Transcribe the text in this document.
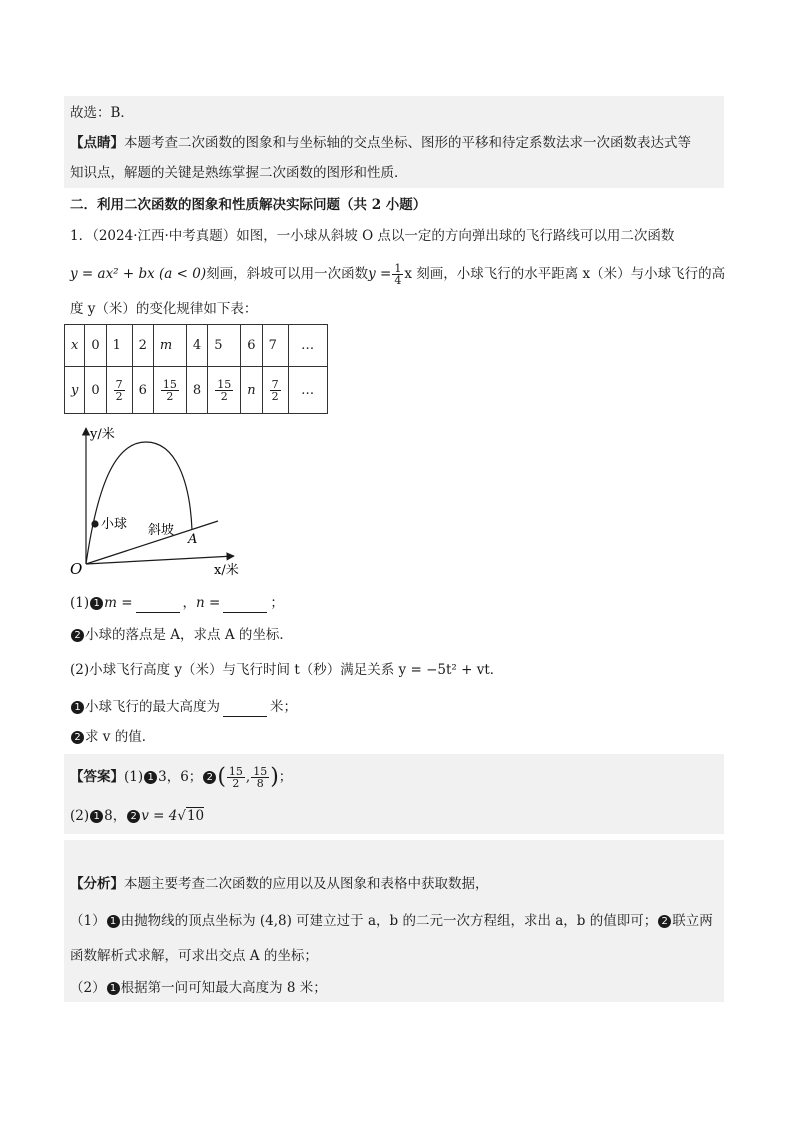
故选：B．
【点睛】本题考查二次函数的图象和与坐标轴的交点坐标、图形的平移和待定系数法求一次函数表达式等
知识点，解题的关键是熟练掌握二次函数的图形和性质．
二．利用二次函数的图象和性质解决实际问题（共 2 小题）
1．（2024·江西·中考真题）如图，一小球从斜坡 O 点以一定的方向弹出球的飞行路线可以用二次函数
y = ax² + bx (a < 0)刻画，斜坡可以用一次函数$y = \frac{1}{4}$ x 刻画，小球飞行的水平距离 x（米）与小球飞行的高
度 y（米）的变化规律如下表：
x	0	1	2	m	4	5	6	7	…
y	0	$\frac{7}{2}$	6	$\frac{15}{2}$	8	$\frac{15}{2}$	n	$\frac{7}{2}$	…
y/米
x/米
O
小球 斜坡
A
(1) 1 m =	，n =	；
2 小球的落点是 A，求点 A 的坐标．
(2)小球飞行高度 y（米）与飞行时间 t（秒）满足关系 y = −5t² + vt．
1 小球飞行的最大高度为	米；
2 求 v 的值．
【答案】(1) 1 3，6； 2 ( $\frac{15}{2}$ , $\frac{15}{8}$ )；
(2) 1 8， 2 v = 4√10
【分析】本题主要考查二次函数的应用以及从图象和表格中获取数据，
（1） 1 由抛物线的顶点坐标为 (4,8) 可建立过于 a，b 的二元一次方程组，求出 a，b 的值即可； 2 联立两
函数解析式求解，可求出交点 A 的坐标；
（2） 1 根据第一问可知最大高度为 8 米；
